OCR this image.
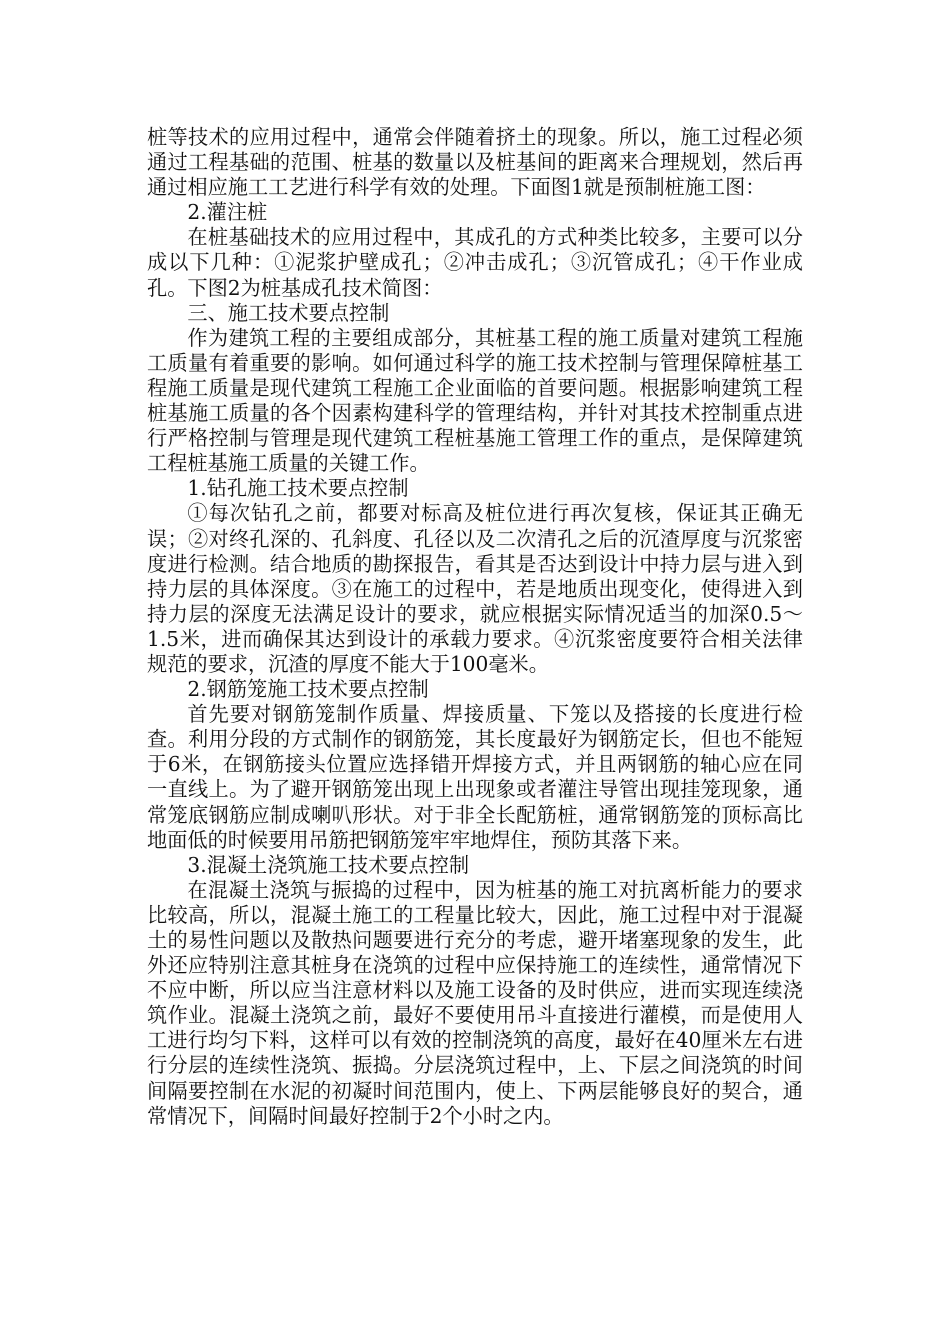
桩等技术的应用过程中，通常会伴随着挤土的现象。所以，施工过程必须通过工程基础的范围、桩基的数量以及桩基间的距离来合理规划，然后再通过相应施工工艺进行科学有效的处理。下面图1就是预制桩施工图：

2.灌注桩

在桩基础技术的应用过程中，其成孔的方式种类比较多，主要可以分成以下几种：①泥浆护壁成孔；②冲击成孔；③沉管成孔；④干作业成孔。下图2为桩基成孔技术简图：

三、施工技术要点控制

作为建筑工程的主要组成部分，其桩基工程的施工质量对建筑工程施工质量有着重要的影响。如何通过科学的施工技术控制与管理保障桩基工程施工质量是现代建筑工程施工企业面临的首要问题。根据影响建筑工程桩基施工质量的各个因素构建科学的管理结构，并针对其技术控制重点进行严格控制与管理是现代建筑工程桩基施工管理工作的重点，是保障建筑工程桩基施工质量的关键工作。

1.钻孔施工技术要点控制

①每次钻孔之前，都要对标高及桩位进行再次复核，保证其正确无误；②对终孔深的、孔斜度、孔径以及二次清孔之后的沉渣厚度与沉浆密度进行检测。结合地质的勘探报告，看其是否达到设计中持力层与进入到持力层的具体深度。③在施工的过程中，若是地质出现变化，使得进入到持力层的深度无法满足设计的要求，就应根据实际情况适当的加深0.5～1.5米，进而确保其达到设计的承载力要求。④沉浆密度要符合相关法律规范的要求，沉渣的厚度不能大于100毫米。

2.钢筋笼施工技术要点控制

首先要对钢筋笼制作质量、焊接质量、下笼以及搭接的长度进行检查。利用分段的方式制作的钢筋笼，其长度最好为钢筋定长，但也不能短于6米，在钢筋接头位置应选择错开焊接方式，并且两钢筋的轴心应在同一直线上。为了避开钢筋笼出现上出现象或者灌注导管出现挂笼现象，通常笼底钢筋应制成喇叭形状。对于非全长配筋桩，通常钢筋笼的顶标高比地面低的时候要用吊筋把钢筋笼牢牢地焊住，预防其落下来。

3.混凝土浇筑施工技术要点控制

在混凝土浇筑与振捣的过程中，因为桩基的施工对抗离析能力的要求比较高，所以，混凝土施工的工程量比较大，因此，施工过程中对于混凝土的易性问题以及散热问题要进行充分的考虑，避开堵塞现象的发生，此外还应特别注意其桩身在浇筑的过程中应保持施工的连续性，通常情况下不应中断，所以应当注意材料以及施工设备的及时供应，进而实现连续浇筑作业。混凝土浇筑之前，最好不要使用吊斗直接进行灌模，而是使用人工进行均匀下料，这样可以有效的控制浇筑的高度，最好在40厘米左右进行分层的连续性浇筑、振捣。分层浇筑过程中，上、下层之间浇筑的时间间隔要控制在水泥的初凝时间范围内，使上、下两层能够良好的契合，通常情况下，间隔时间最好控制于2个小时之内。
